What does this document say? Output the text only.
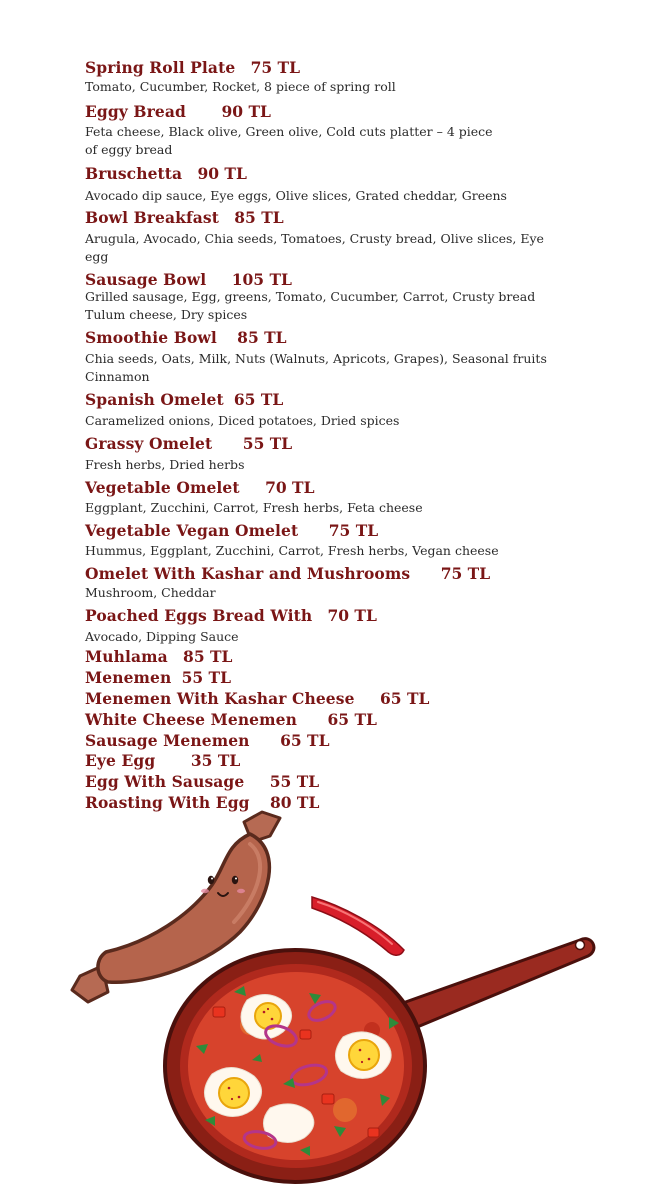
Spring Roll Plate 75 TL
Tomato, Cucumber, Rocket, 8 piece of spring roll
Eggy Bread 90 TL
Feta cheese, Black olive, Green olive, Cold cuts platter – 4 piece
of eggy bread
Bruschetta 90 TL
Avocado dip sauce, Eye eggs, Olive slices, Grated cheddar, Greens
Bowl Breakfast 85 TL
Arugula, Avocado, Chia seeds, Tomatoes, Crusty bread, Olive slices, Eye
egg
Sausage Bowl 105 TL
Grilled sausage, Egg, greens, Tomato, Cucumber, Carrot, Crusty bread
Tulum cheese, Dry spices
Smoothie Bowl 85 TL
Chia seeds, Oats, Milk, Nuts (Walnuts, Apricots, Grapes), Seasonal fruits
Cinnamon
Spanish Omelet 65 TL
Caramelized onions, Diced potatoes, Dried spices
Grassy Omelet 55 TL
Fresh herbs, Dried herbs
Vegetable Omelet 70 TL
Eggplant, Zucchini, Carrot, Fresh herbs, Feta cheese
Vegetable Vegan Omelet 75 TL
Hummus, Eggplant, Zucchini, Carrot, Fresh herbs, Vegan cheese
Omelet With Kashar and Mushrooms 75 TL
Mushroom, Cheddar
Poached Eggs Bread With 70 TL
Avocado, Dipping Sauce
Muhlama 85 TL
Menemen 55 TL
Menemen With Kashar Cheese 65 TL
White Cheese Menemen 65 TL
Sausage Menemen 65 TL
Eye Egg 35 TL
Egg With Sausage 55 TL
Roasting With Egg 80 TL
